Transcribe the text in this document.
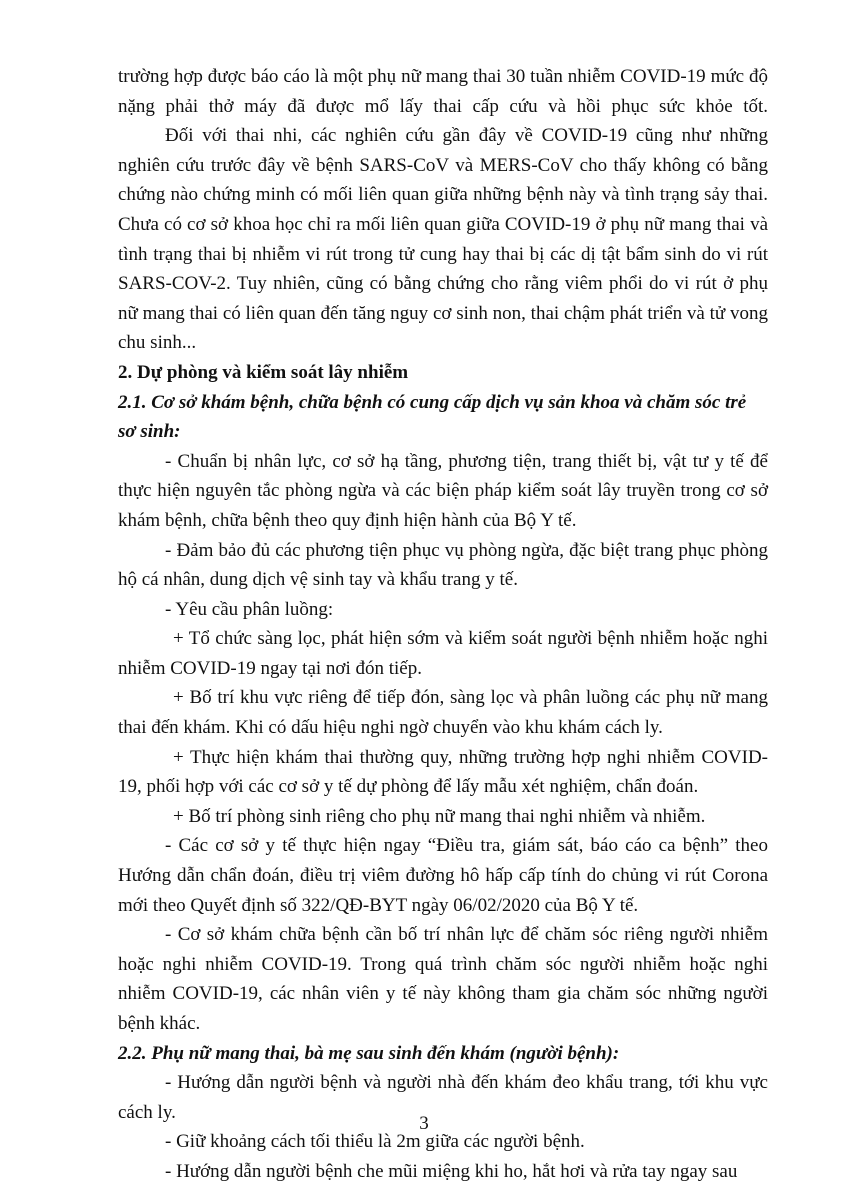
trường hợp được báo cáo là một phụ nữ mang thai 30 tuần nhiễm COVID-19 mức độ nặng phải thở máy đã được mổ lấy thai cấp cứu và hồi phục sức khỏe tốt.

Đối với thai nhi, các nghiên cứu gần đây về COVID-19 cũng như những nghiên cứu trước đây về bệnh SARS-CoV và MERS-CoV cho thấy không có bằng chứng nào chứng minh có mối liên quan giữa những bệnh này và tình trạng sảy thai. Chưa có cơ sở khoa học chỉ ra mối liên quan giữa COVID-19 ở phụ nữ mang thai và tình trạng thai bị nhiễm vi rút trong tử cung hay thai bị các dị tật bẩm sinh do vi rút SARS-COV-2. Tuy nhiên, cũng có bằng chứng cho rằng viêm phổi do vi rút ở phụ nữ mang thai có liên quan đến tăng nguy cơ sinh non, thai chậm phát triển và tử vong chu sinh...

2. Dự phòng và kiểm soát lây nhiễm

2.1. Cơ sở khám bệnh, chữa bệnh có cung cấp dịch vụ sản khoa và chăm sóc trẻ sơ sinh:

- Chuẩn bị nhân lực, cơ sở hạ tầng, phương tiện, trang thiết bị, vật tư y tế để thực hiện nguyên tắc phòng ngừa và các biện pháp kiểm soát lây truyền trong cơ sở khám bệnh, chữa bệnh theo quy định hiện hành của Bộ Y tế.

- Đảm bảo đủ các phương tiện phục vụ phòng ngừa, đặc biệt trang phục phòng hộ cá nhân, dung dịch vệ sinh tay và khẩu trang y tế.

- Yêu cầu phân luồng:

+ Tổ chức sàng lọc, phát hiện sớm và kiểm soát người bệnh nhiễm hoặc nghi nhiễm COVID-19 ngay tại nơi đón tiếp.

+ Bố trí khu vực riêng để tiếp đón, sàng lọc và phân luồng các phụ nữ mang thai đến khám. Khi có dấu hiệu nghi ngờ chuyển vào khu khám cách ly.

+ Thực hiện khám thai thường quy, những trường hợp nghi nhiễm COVID-19, phối hợp với các cơ sở y tế dự phòng để lấy mẫu xét nghiệm, chẩn đoán.

+ Bố trí phòng sinh riêng cho phụ nữ mang thai nghi nhiễm và nhiễm.

- Các cơ sở y tế thực hiện ngay “Điều tra, giám sát, báo cáo ca bệnh” theo Hướng dẫn chẩn đoán, điều trị viêm đường hô hấp cấp tính do chủng vi rút Corona mới theo Quyết định số 322/QĐ-BYT ngày 06/02/2020 của Bộ Y tế.

- Cơ sở khám chữa bệnh cần bố trí nhân lực để chăm sóc riêng người nhiễm hoặc nghi nhiễm COVID-19. Trong quá trình chăm sóc người nhiễm hoặc nghi nhiễm COVID-19, các nhân viên y tế này không tham gia chăm sóc những người bệnh khác.

2.2. Phụ nữ mang thai, bà mẹ sau sinh đến khám (người bệnh):

- Hướng dẫn người bệnh và người nhà đến khám đeo khẩu trang, tới khu vực cách ly.

- Giữ khoảng cách tối thiểu là 2m giữa các người bệnh.

- Hướng dẫn người bệnh che mũi miệng khi ho, hắt hơi và rửa tay ngay sau

3
